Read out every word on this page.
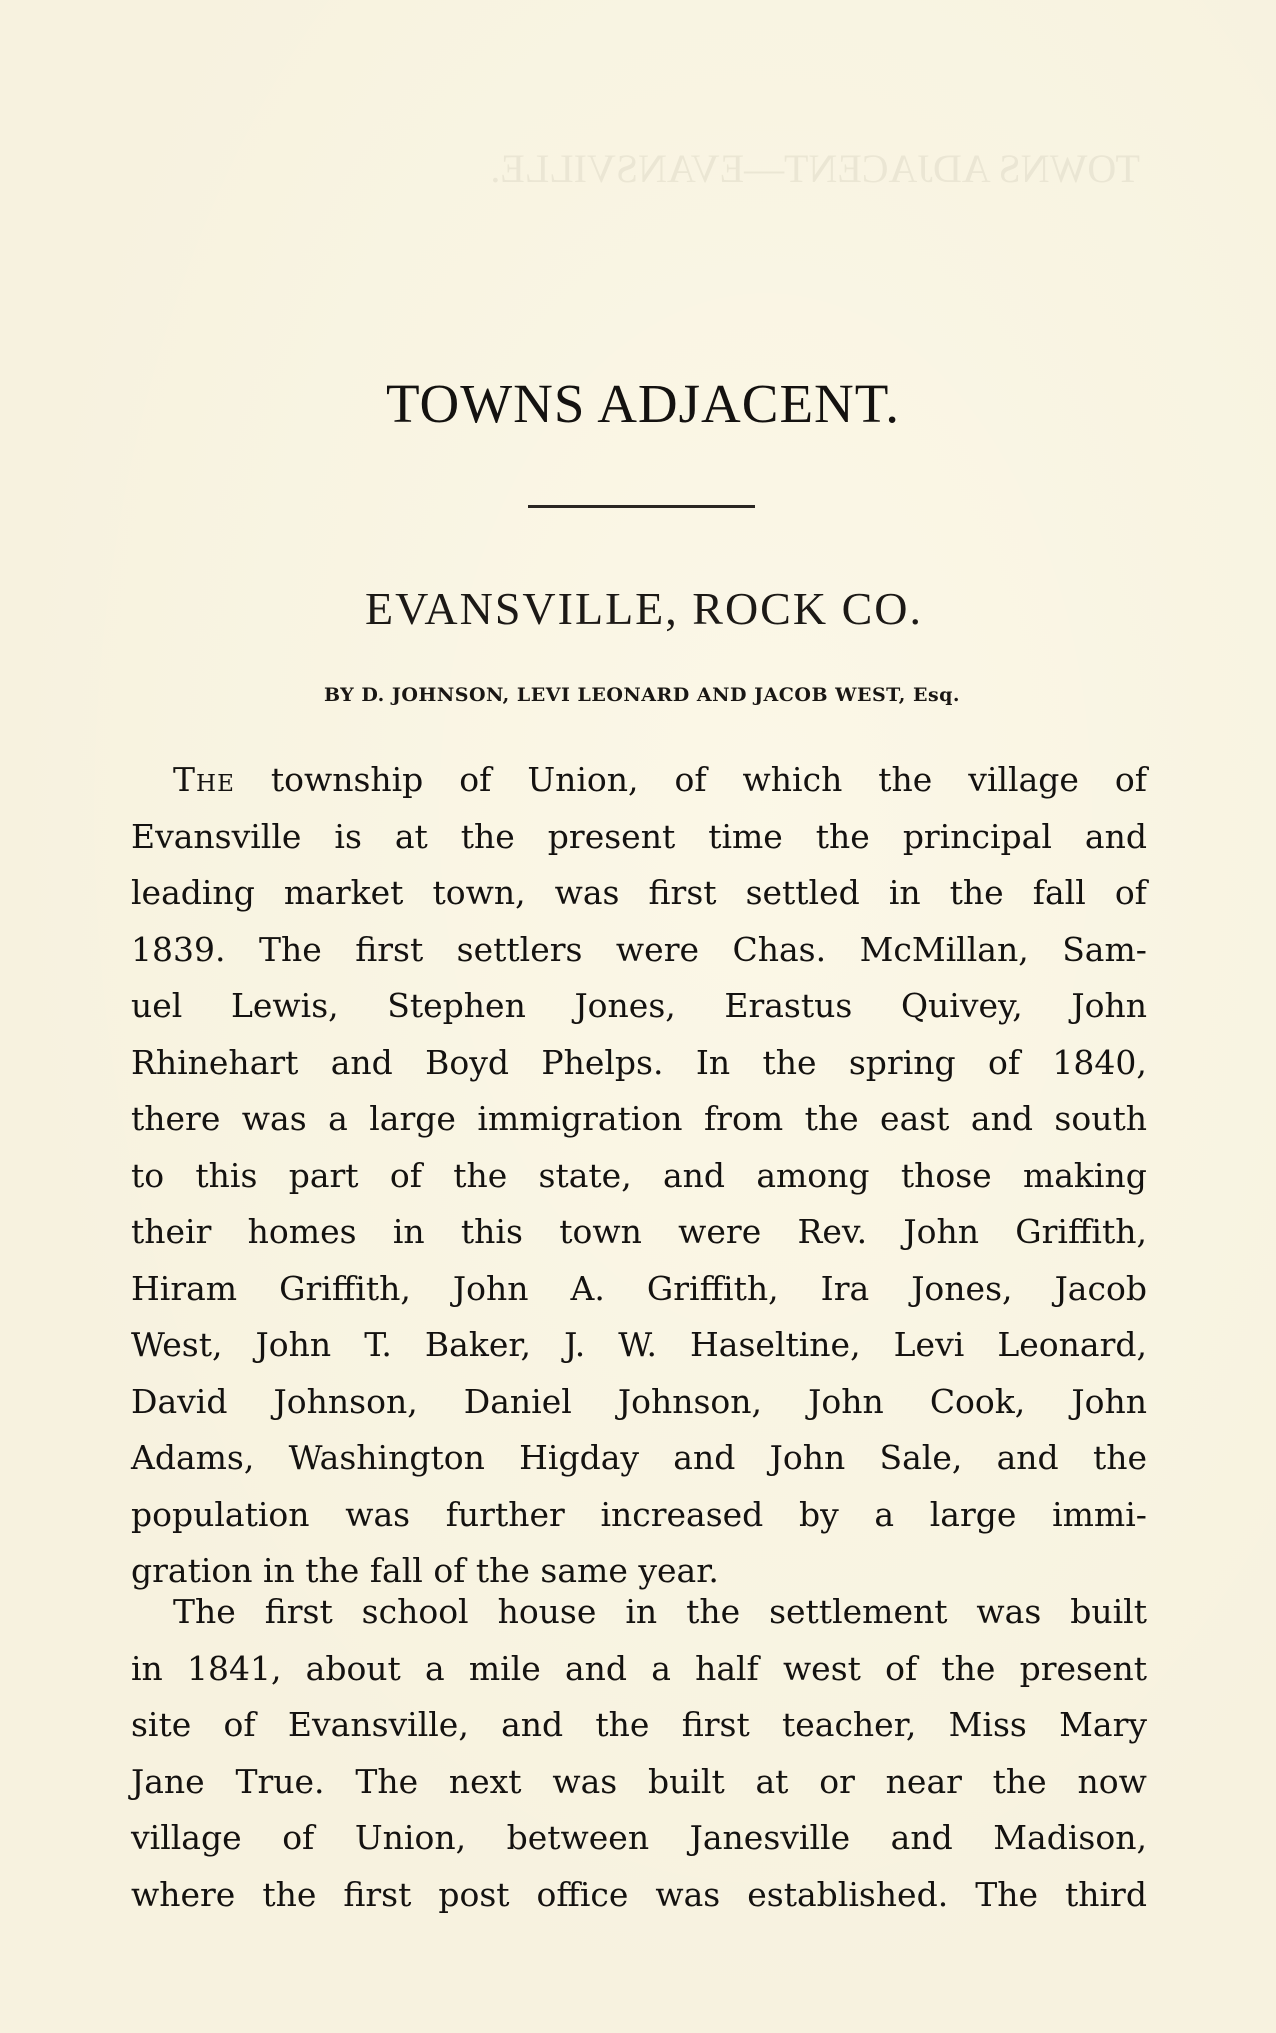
TOWNS ADJACENT—EVANSVILLE.
TOWNS ADJACENT.
EVANSVILLE, ROCK CO.
BY D. JOHNSON, LEVI LEONARD AND JACOB WEST, Esq.
The township of Union, of which the village of
Evansville is at the present time the principal and
leading market town, was first settled in the fall of
1839. The first settlers were Chas. McMillan, Sam-
uel Lewis, Stephen Jones, Erastus Quivey, John
Rhinehart and Boyd Phelps. In the spring of 1840,
there was a large immigration from the east and south
to this part of the state, and among those making
their homes in this town were Rev. John Griffith,
Hiram Griffith, John A. Griffith, Ira Jones, Jacob
West, John T. Baker, J. W. Haseltine, Levi Leonard,
David Johnson, Daniel Johnson, John Cook, John
Adams, Washington Higday and John Sale, and the
population was further increased by a large immi-
gration in the fall of the same year.
The first school house in the settlement was built
in 1841, about a mile and a half west of the present
site of Evansville, and the first teacher, Miss Mary
Jane True. The next was built at or near the now
village of Union, between Janesville and Madison,
where the first post office was established. The third
